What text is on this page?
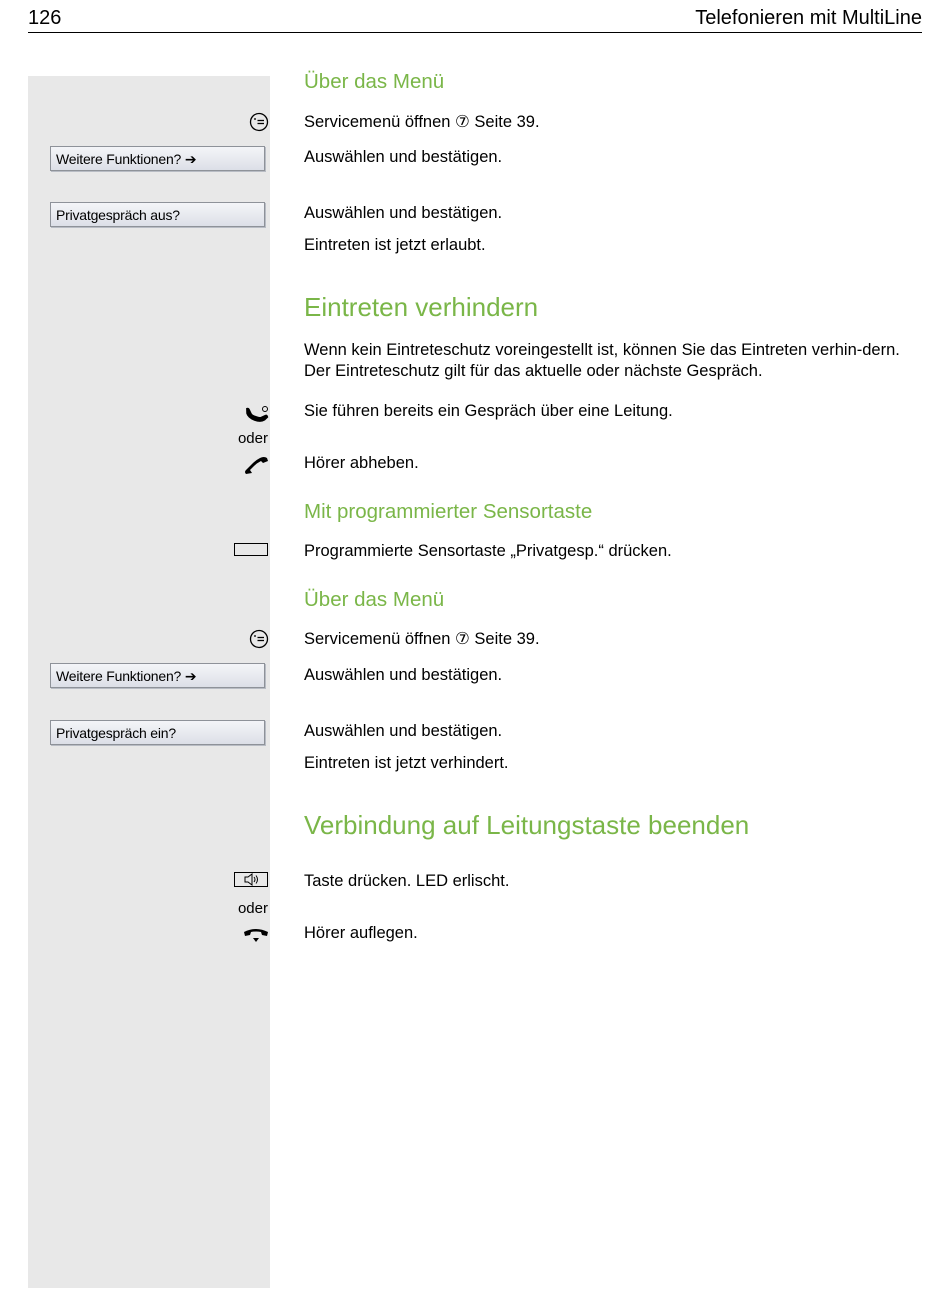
126	Telefonieren mit MultiLine
Über das Menü
Servicemenü öffnen ⑦ Seite 39.
Weitere Funktionen? ➔	Auswählen und bestätigen.
Privatgespräch aus?	Auswählen und bestätigen.
Eintreten ist jetzt erlaubt.
Eintreten verhindern
Wenn kein Eintreteschutz voreingestellt ist, können Sie das Eintreten verhin-dern. Der Eintreteschutz gilt für das aktuelle oder nächste Gespräch.
Sie führen bereits ein Gespräch über eine Leitung.
oder
Hörer abheben.
Mit programmierter Sensortaste
Programmierte Sensortaste „Privatgesp.“ drücken.
Über das Menü
Servicemenü öffnen ⑦ Seite 39.
Weitere Funktionen? ➔	Auswählen und bestätigen.
Privatgespräch ein?	Auswählen und bestätigen.
Eintreten ist jetzt verhindert.
Verbindung auf Leitungstaste beenden
Taste drücken. LED erlischt.
oder
Hörer auflegen.
